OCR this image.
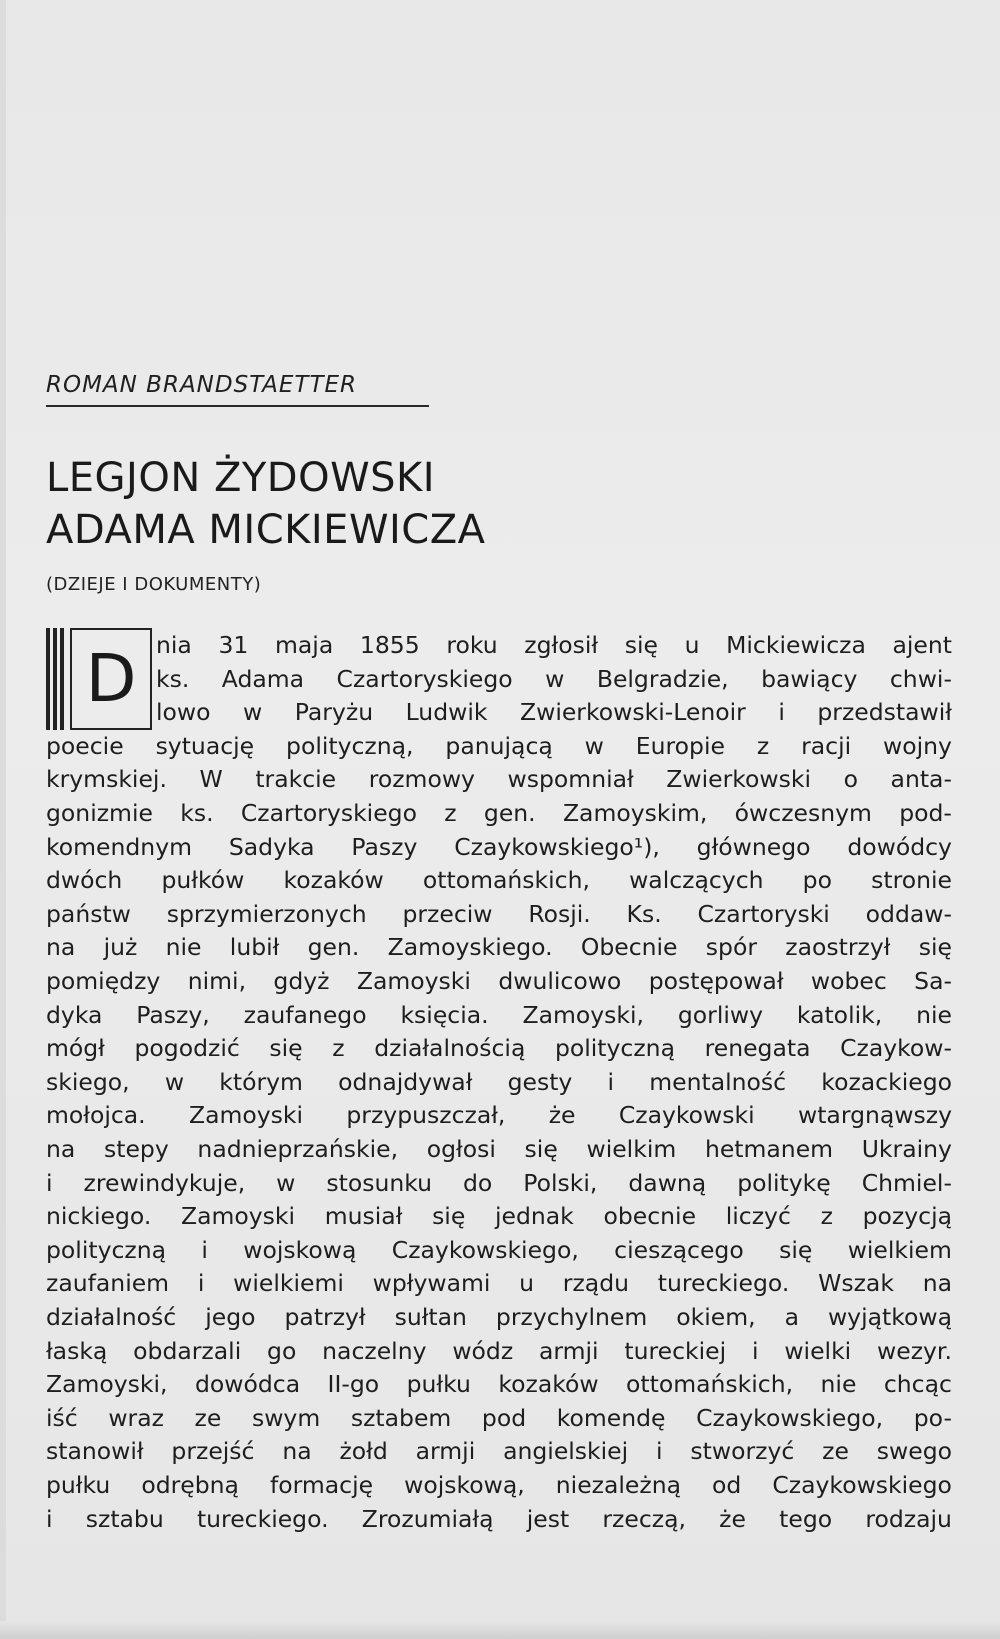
ROMAN BRANDSTAETTER
LEGJON ŻYDOWSKI
ADAMA MICKIEWICZA
(DZIEJE I DOKUMENTY)
D nia 31 maja 1855 roku zgłosił się u Mickiewicza ajent
ks. Adama Czartoryskiego w Belgradzie, bawiący chwi-
lowo w Paryżu Ludwik Zwierkowski-Lenoir i przedstawił
poecie sytuację polityczną, panującą w Europie z racji wojny
krymskiej. W trakcie rozmowy wspomniał Zwierkowski o anta-
gonizmie ks. Czartoryskiego z gen. Zamoyskim, ówczesnym pod-
komendnym Sadyka Paszy Czaykowskiego¹), głównego dowódcy
dwóch pułków kozaków ottomańskich, walczących po stronie
państw sprzymierzonych przeciw Rosji. Ks. Czartoryski oddaw-
na już nie lubił gen. Zamoyskiego. Obecnie spór zaostrzył się
pomiędzy nimi, gdyż Zamoyski dwulicowo postępował wobec Sa-
dyka Paszy, zaufanego księcia. Zamoyski, gorliwy katolik, nie
mógł pogodzić się z działalnością polityczną renegata Czaykow-
skiego, w którym odnajdywał gesty i mentalność kozackiego
mołojca. Zamoyski przypuszczał, że Czaykowski wtargnąwszy
na stepy nadnieprzańskie, ogłosi się wielkim hetmanem Ukrainy
i zrewindykuje, w stosunku do Polski, dawną politykę Chmiel-
nickiego. Zamoyski musiał się jednak obecnie liczyć z pozycją
polityczną i wojskową Czaykowskiego, cieszącego się wielkiem
zaufaniem i wielkiemi wpływami u rządu tureckiego. Wszak na
działalność jego patrzył sułtan przychylnem okiem, a wyjątkową
łaską obdarzali go naczelny wódz armji tureckiej i wielki wezyr.
Zamoyski, dowódca II-go pułku kozaków ottomańskich, nie chcąc
iść wraz ze swym sztabem pod komendę Czaykowskiego, po-
stanowił przejść na żołd armji angielskiej i stworzyć ze swego
pułku odrębną formację wojskową, niezależną od Czaykowskiego
i sztabu tureckiego. Zrozumiałą jest rzeczą, że tego rodzaju
